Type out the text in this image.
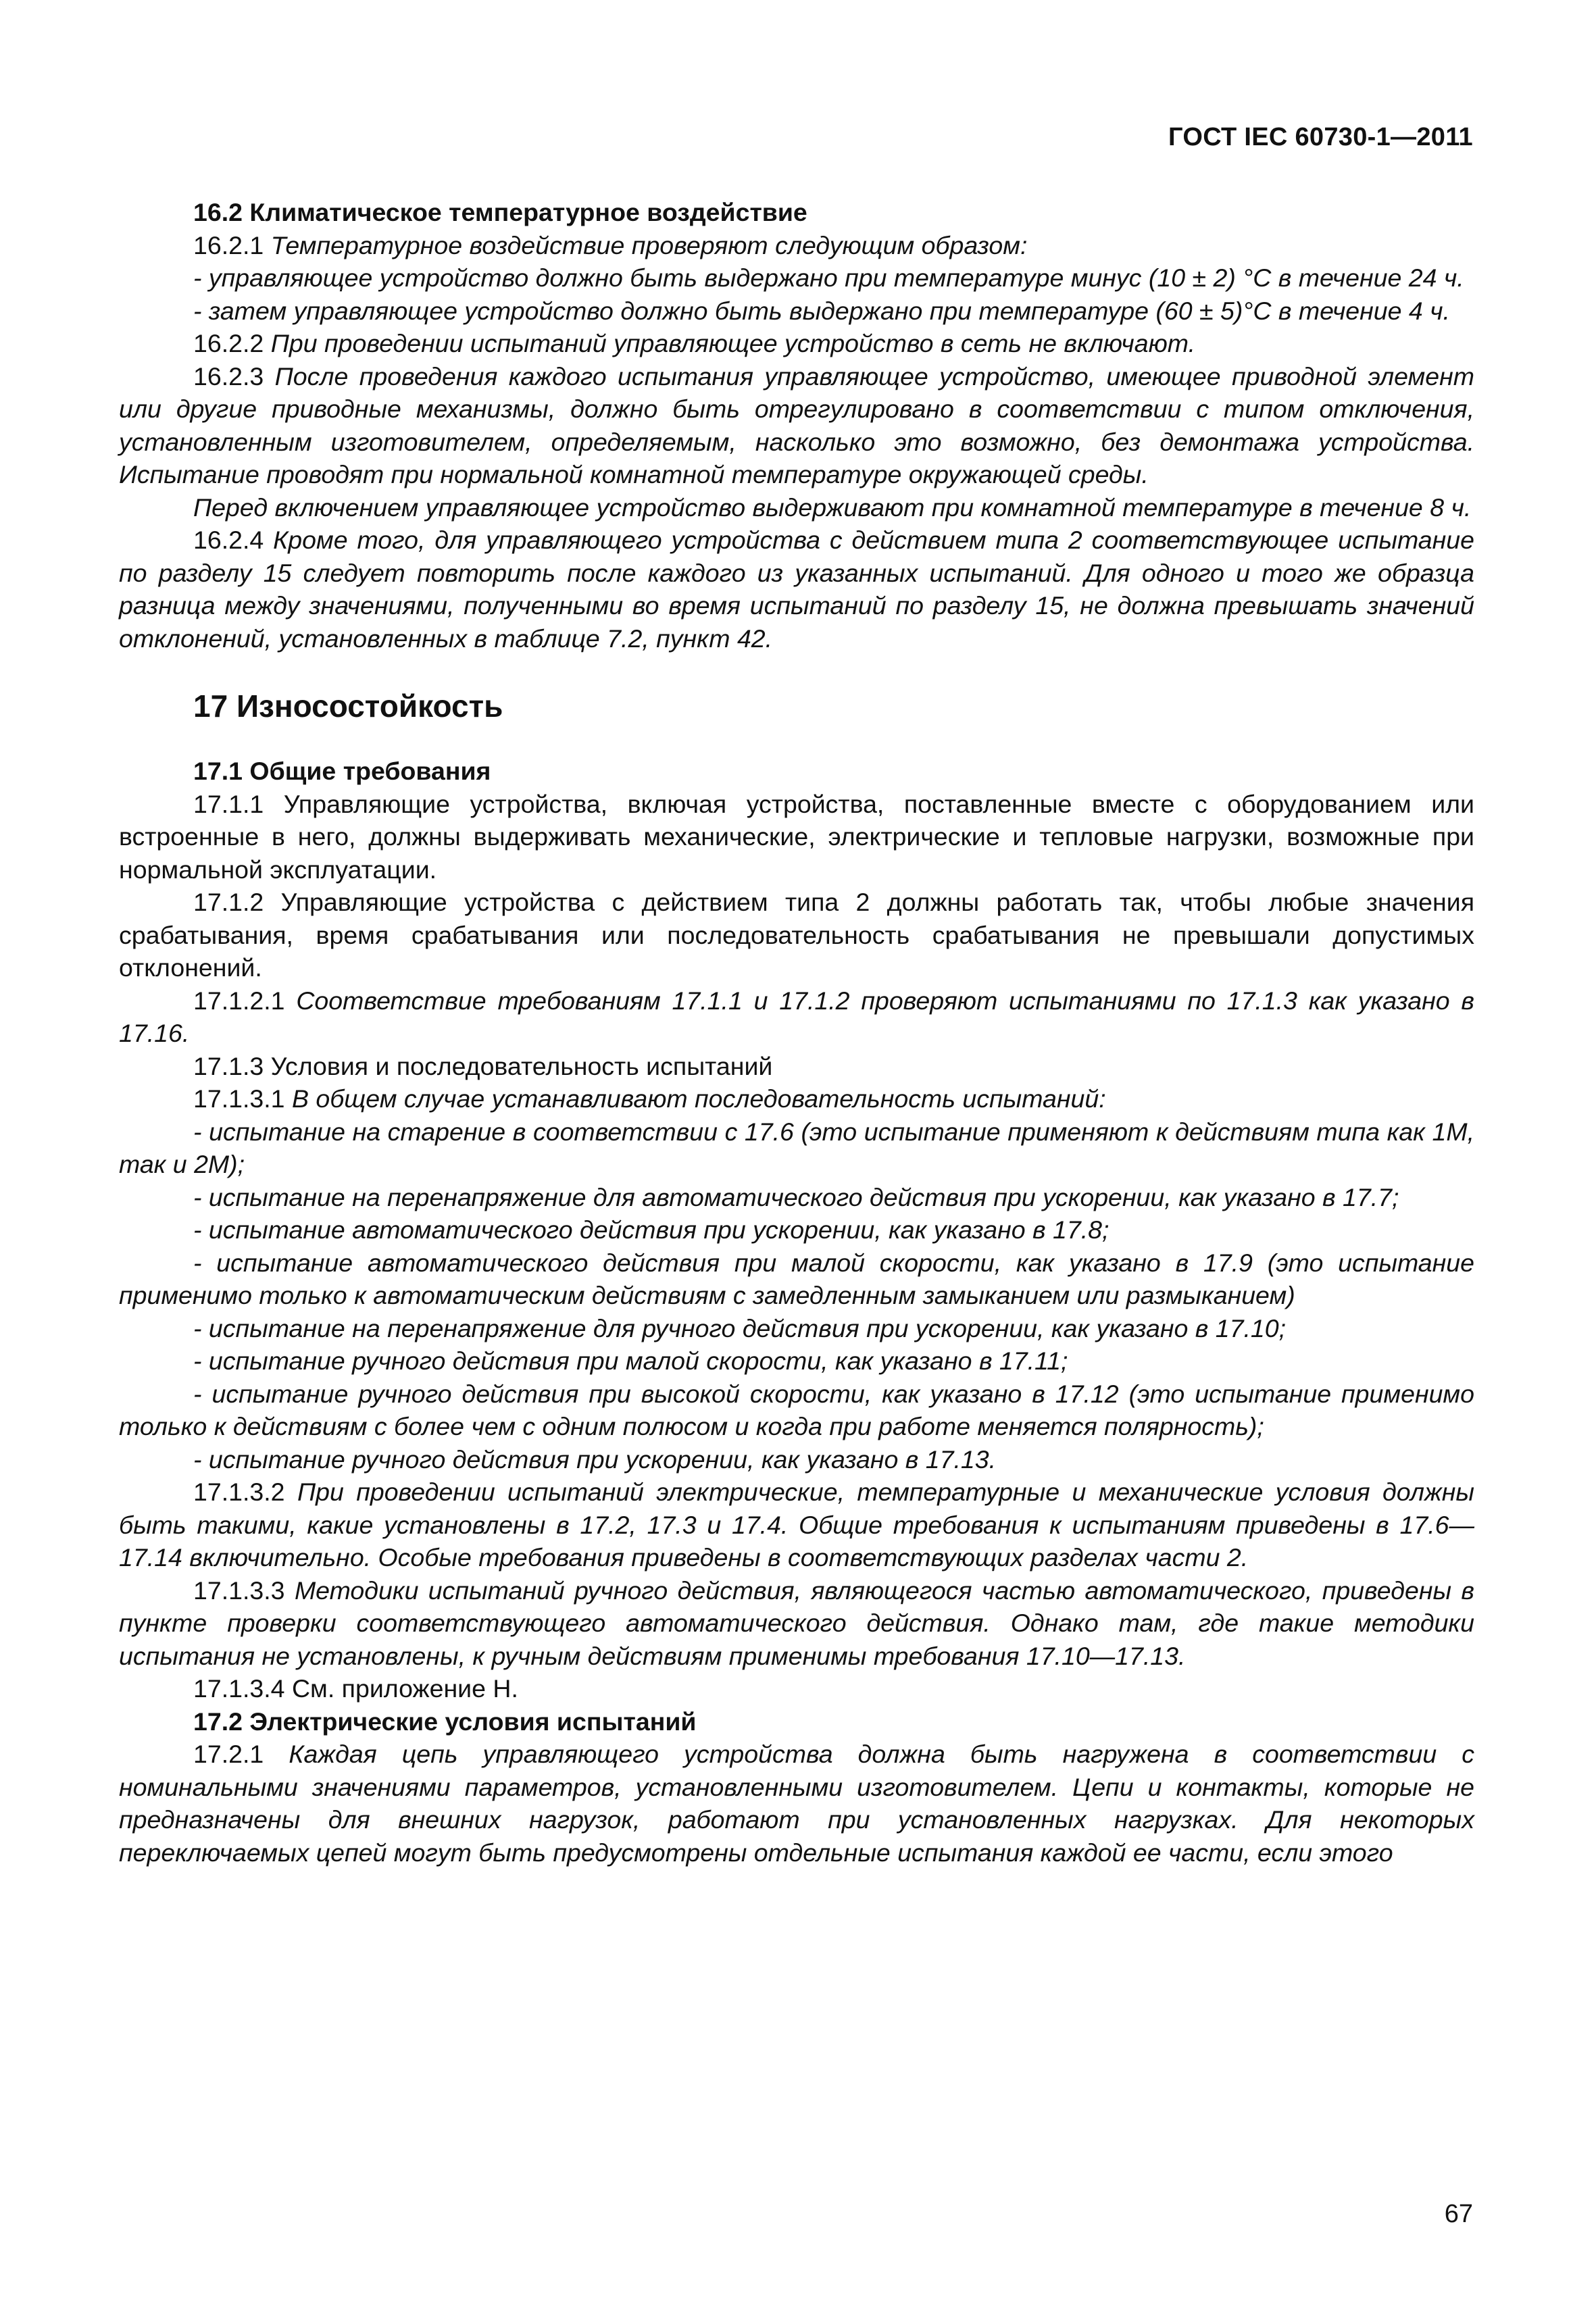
ГОСТ IEC 60730-1—2011

16.2 Климатическое температурное воздействие

16.2.1 Температурное воздействие проверяют следующим образом:

- управляющее устройство должно быть выдержано при температуре минус (10 ± 2) °С в течение 24 ч.

- затем управляющее устройство должно быть выдержано при температуре (60 ± 5)°С в течение 4 ч.

16.2.2 При проведении испытаний управляющее устройство в сеть не включают.

16.2.3 После проведения каждого испытания управляющее устройство, имеющее приводной элемент или другие приводные механизмы, должно быть отрегулировано в соответствии с типом отключения, установленным изготовителем, определяемым, насколько это возможно, без демонтажа устройства. Испытание проводят при нормальной комнатной температуре окружающей среды.

Перед включением управляющее устройство выдерживают при комнатной температуре в течение 8 ч.

16.2.4 Кроме того, для управляющего устройства с действием типа 2 соответствующее испытание по разделу 15 следует повторить после каждого из указанных испытаний. Для одного и того же образца разница между значениями, полученными во время испытаний по разделу 15, не должна превышать значений отклонений, установленных в таблице 7.2, пункт 42.

17 Износостойкость

17.1 Общие требования

17.1.1 Управляющие устройства, включая устройства, поставленные вместе с оборудованием или встроенные в него, должны выдерживать механические, электрические и тепловые нагрузки, возможные при нормальной эксплуатации.

17.1.2 Управляющие устройства с действием типа 2 должны работать так, чтобы любые значения срабатывания, время срабатывания или последовательность срабатывания не превышали допустимых отклонений.

17.1.2.1 Соответствие требованиям 17.1.1 и 17.1.2 проверяют испытаниями по 17.1.3 как указано в 17.16.

17.1.3 Условия и последовательность испытаний

17.1.3.1 В общем случае устанавливают последовательность испытаний:

- испытание на старение в соответствии с 17.6 (это испытание применяют к действиям типа как 1М, так и 2М);

- испытание на перенапряжение для автоматического действия при ускорении, как указано в 17.7;

- испытание автоматического действия при ускорении, как указано в 17.8;

- испытание автоматического действия при малой скорости, как указано в 17.9 (это испытание применимо только к автоматическим действиям с замедленным замыканием или размыканием)

- испытание на перенапряжение для ручного действия при ускорении, как указано в 17.10;

- испытание ручного действия при малой скорости, как указано в 17.11;

- испытание ручного действия при высокой скорости, как указано в 17.12 (это испытание применимо только к действиям с более чем с одним полюсом и когда при работе меняется полярность);

- испытание ручного действия при ускорении, как указано в 17.13.

17.1.3.2 При проведении испытаний электрические, температурные и механические условия должны быть такими, какие установлены в 17.2, 17.3 и 17.4. Общие требования к испытаниям приведены в 17.6—17.14 включительно. Особые требования приведены в соответствующих разделах части 2.

17.1.3.3 Методики испытаний ручного действия, являющегося частью автоматического, приведены в пункте проверки соответствующего автоматического действия. Однако там, где такие методики испытания не установлены, к ручным действиям применимы требования 17.10—17.13.

17.1.3.4 См. приложение Н.

17.2 Электрические условия испытаний

17.2.1 Каждая цепь управляющего устройства должна быть нагружена в соответствии с номинальными значениями параметров, установленными изготовителем. Цепи и контакты, которые не предназначены для внешних нагрузок, работают при установленных нагрузках. Для некоторых переключаемых цепей могут быть предусмотрены отдельные испытания каждой ее части, если этого

67
